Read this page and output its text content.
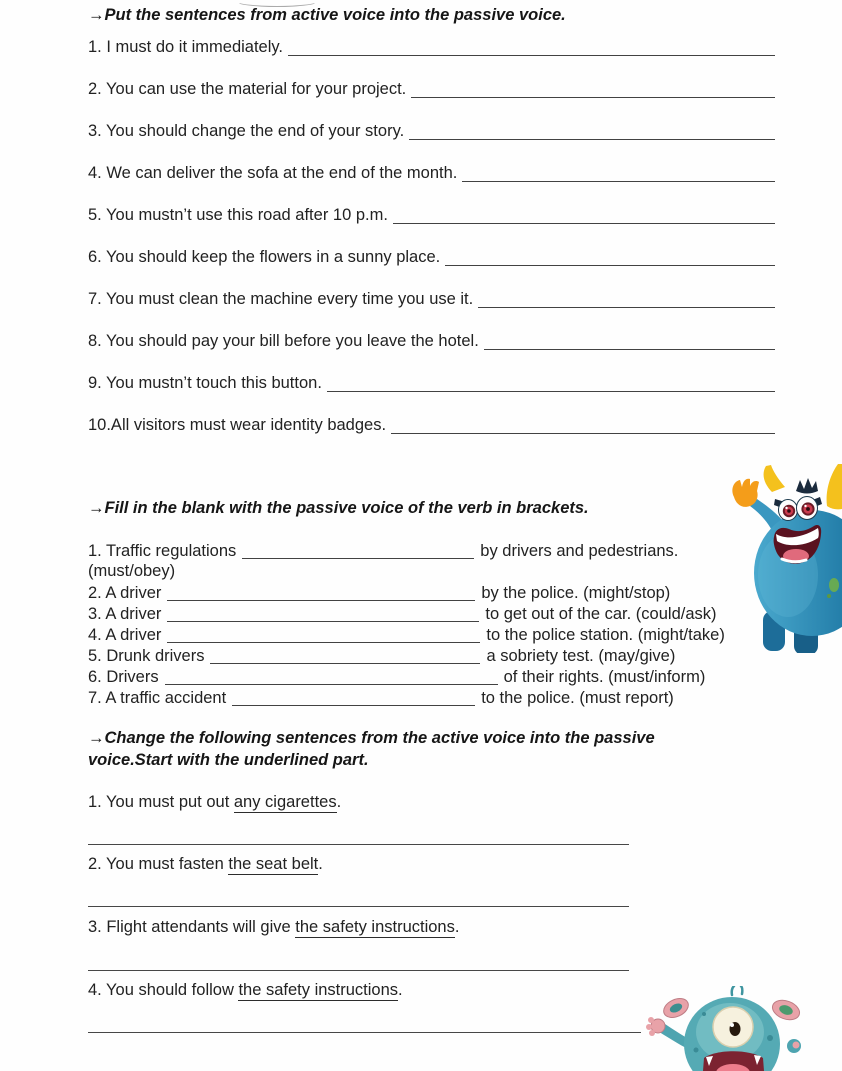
→Put the sentences from active voice into the passive voice.
1. I must do it immediately.
2. You can use the material for your project.
3. You should change the end of your story.
4. We can deliver the sofa at the end of the month.
5. You mustn’t use this road after 10 p.m.
6. You should keep the flowers in a sunny place.
7. You must clean the machine every time you use it.
8. You should pay your bill before you leave the hotel.
9. You mustn’t touch this button.
10.All visitors must wear identity badges.
→Fill in the blank with the passive voice of the verb in brackets.
1. Traffic regulations	by drivers and pedestrians.
(must/obey)
2. A driver	by the police. (might/stop)
3. A driver	to get out of the car. (could/ask)
4. A driver	to the police station. (might/take)
5. Drunk drivers	a sobriety test. (may/give)
6. Drivers	of their rights. (must/inform)
7. A traffic accident	to the police. (must report)
→Change the following sentences from the active voice into the passive
voice.Start with the underlined part.
1. You must put out any cigarettes.
2. You must fasten the seat belt.
3. Flight attendants will give the safety instructions.
4. You should follow the safety instructions.
